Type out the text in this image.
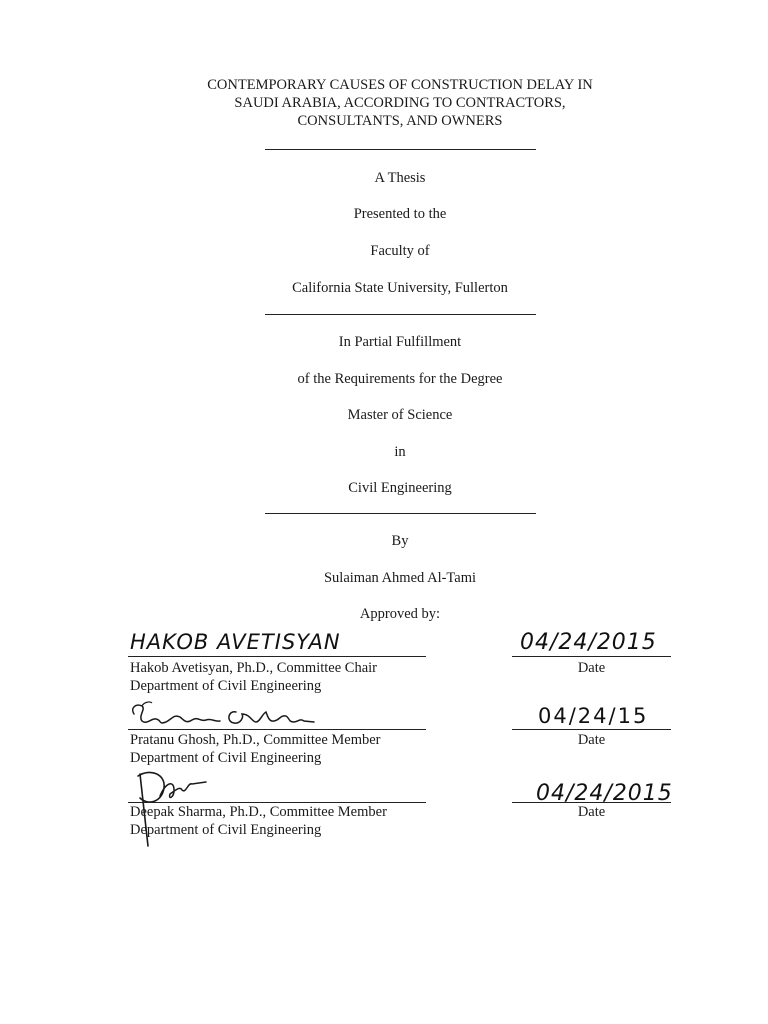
CONTEMPORARY CAUSES OF CONSTRUCTION DELAY IN
SAUDI ARABIA, ACCORDING TO CONTRACTORS,
CONSULTANTS, AND OWNERS
A Thesis
Presented to the
Faculty of
California State University, Fullerton
In Partial Fulfillment
of the Requirements for the Degree
Master of Science
in
Civil Engineering
By
Sulaiman Ahmed Al-Tami
Approved by:
HAKOB AVETISYAN
Hakob Avetisyan, Ph.D., Committee Chair
Department of Civil Engineering
04/24/2015
Date
Pratanu Ghosh, Ph.D., Committee Member
Department of Civil Engineering
04/24/15
Date
Deepak Sharma, Ph.D., Committee Member
Department of Civil Engineering
04/24/2015
Date
